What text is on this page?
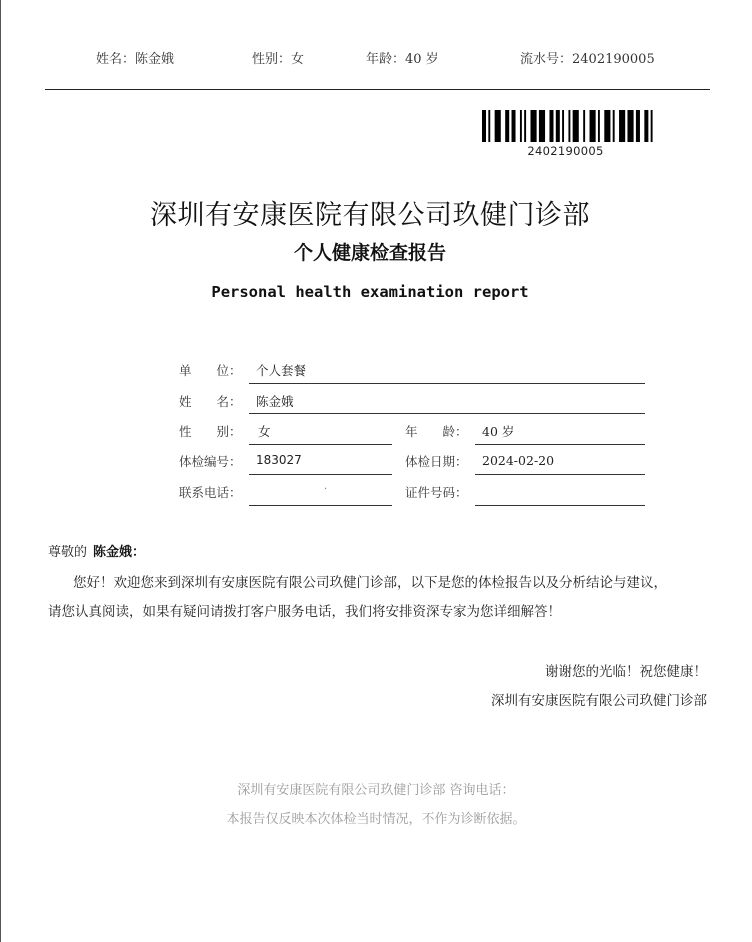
姓名：陈金娥	性别：女	年龄：40 岁	流水号：2402190005
2402190005
深圳有安康医院有限公司玖健门诊部
个人健康检查报告
Personal health examination report
单　　位： 个人套餐
姓　　名： 陈金娥
性　　别： 女	年　　龄： 40 岁
体检编号： 183027	体检日期： 2024-02-20
联系电话：	.	证件号码：
尊敬的 陈金娥：
您好！欢迎您来到深圳有安康医院有限公司玖健门诊部，以下是您的体检报告以及分析结论与建议，
请您认真阅读，如果有疑问请拨打客户服务电话，我们将安排资深专家为您详细解答！
谢谢您的光临！祝您健康！
深圳有安康医院有限公司玖健门诊部
深圳有安康医院有限公司玖健门诊部 咨询电话：
本报告仅反映本次体检当时情况，不作为诊断依据。
